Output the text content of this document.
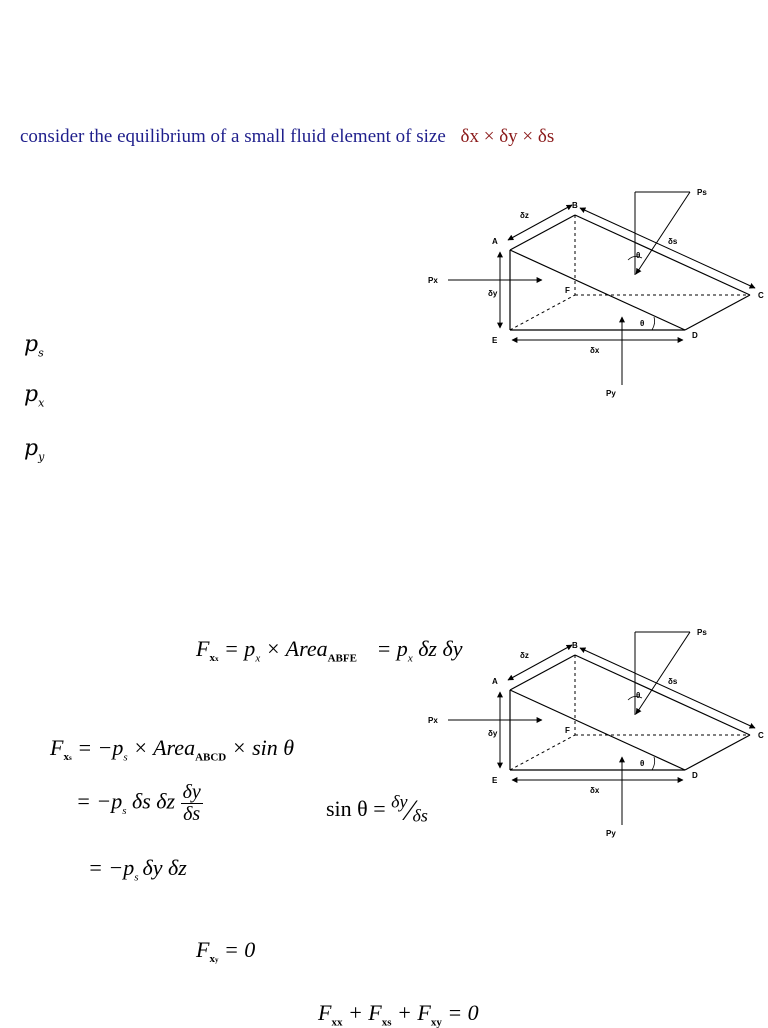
consider the equilibrium of a small fluid element of size δx × δy × δs
$p_s$
$p_x$
$p_y$
A
B
C
D
E
F
δz
δs
δy
δx
θ
θ
Px
Py
Ps
A
B
C
D
E
F
δz
δs
δy
δx
θ
θ
Px
Py
Ps
$F_{xx} = p_x$ × Area$_{ABFE}$ = $p_x$ δz δy
$F_{xs} = -p_s$ × Area$_{ABCD}$ × sin θ
= $-p_s$ δs δz $\frac{\delta y}{\delta s}$	$\sin \theta = ^{\delta y}⁄_{\delta s}$
= $-p_s$ δy δz
$F_{xy} = 0$
$F_{xx} + F_{xs} + F_{xy} = 0$
